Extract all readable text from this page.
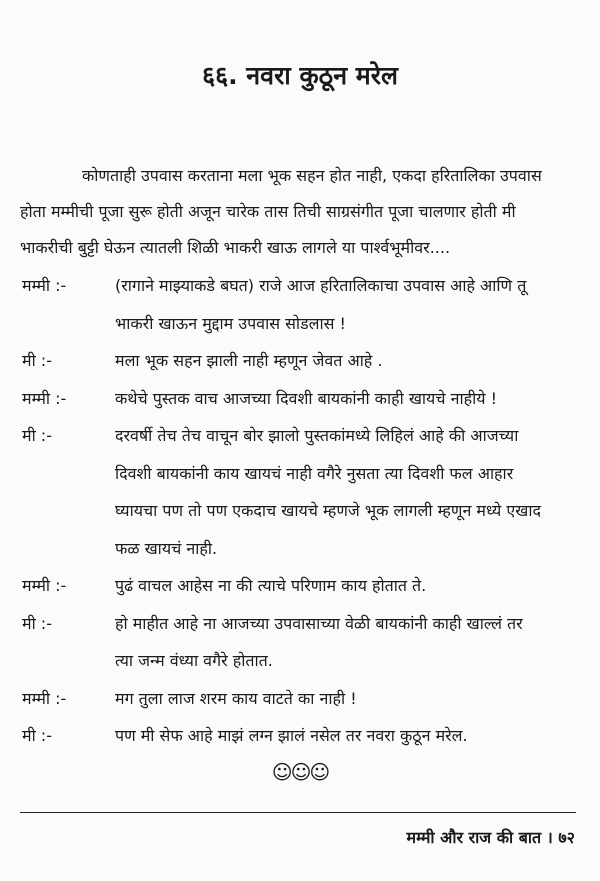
६६. नवरा कुठून मरेल
कोणताही उपवास करताना मला भूक सहन होत नाही, एकदा हरितालिका उपवास
होता मम्मीची पूजा सुरू होती अजून चारेक तास तिची साग्रसंगीत पूजा चालणार होती मी
भाकरीची बुट्टी घेऊन त्यातली शिळी भाकरी खाऊ लागले या पार्श्वभूमीवर....
मम्मी :-	(रागाने माझ्याकडे बघत) राजे आज हरितालिकाचा उपवास आहे आणि तू
भाकरी खाऊन मुद्दाम उपवास सोडलास !
मी :-	मला भूक सहन झाली नाही म्हणून जेवत आहे .
मम्मी :-	कथेचे पुस्तक वाच आजच्या दिवशी बायकांनी काही खायचे नाहीये !
मी :-	दरवर्षी तेच तेच वाचून बोर झालो पुस्तकांमध्ये लिहिलं आहे की आजच्या
दिवशी बायकांनी काय खायचं नाही वगैरे नुसता त्या दिवशी फल आहार
घ्यायचा पण तो पण एकदाच खायचे म्हणजे भूक लागली म्हणून मध्ये एखाद
फळ खायचं नाही.
मम्मी :-	पुढं वाचल आहेस ना की त्याचे परिणाम काय होतात ते.
मी :-	हो माहीत आहे ना आजच्या उपवासाच्या वेळी बायकांनी काही खाल्लं तर
त्या जन्म वंध्या वगैरे होतात.
मम्मी :-	मग तुला लाज शरम काय वाटते का नाही !
मी :-	पण मी सेफ आहे माझं लग्न झालं नसेल तर नवरा कुठून मरेल.
☺☺☺
मम्मी और राज की बात । ७२
